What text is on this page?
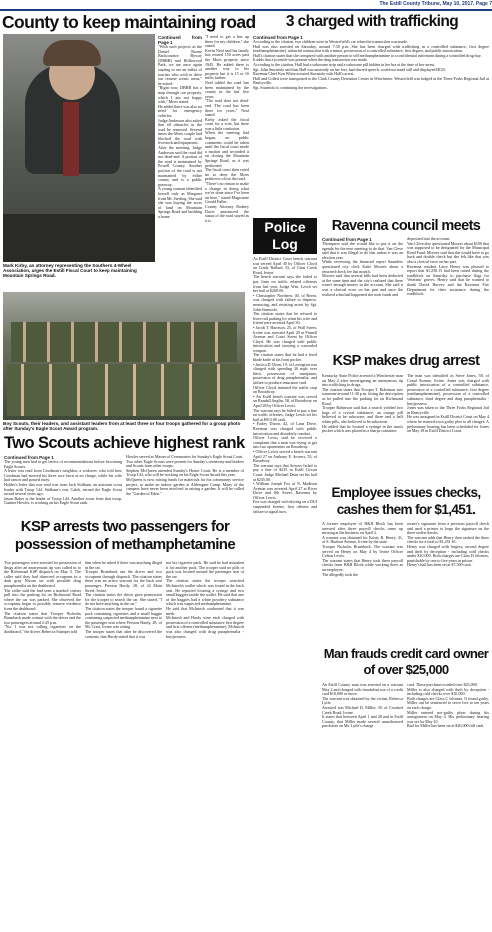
The Estill County Tribune, May 10, 2017, Page 7
County to keep maintaining road
Mark Kirby, an attorney representing the Southern 4-Wheel Association, urges the Estill Fiscal Court to keep maintaining Mountain Springs Road.
Continued from Page 1
"With such projects as the Daniel Boone Backcountry Byway (DBBB) and Hollowood Park, we are once again starting to see an influx of tourists who wish to drive our remote scenic areas," he stated.
"Right now, DBBB has a map through our property, which I am not happy with," Moes stated.
He added there was also no need for emergency vehicles.
Judge Anderson also asked that all obstacles in the road be removed. Several times the Moes couple had blocked the road with livestock and equipment.
After the meeting, Judge Anderson said the road did not dead-end. A portion of the road is maintained by Powell County. Another portion of the road is not maintained by either county and is a public passway.
A young woman identified herself only as Margaret from Mt. Sterling. She said she was buying the acres of land on Mountain Springs Road and building a home.
"I need to get a bus up there for my children," she stated.
Kevin Neal said his family has owned 150 acres past the Moes property since 1945. He added there is another way to his property but it is 15 or 16 miles farther.
Neal added the road has been maintained by the county in the last five years.
"The road does not dead-end. The road has been there for years," Neal stated.
Kirby asked the fiscal court for a vote, but there was a little confusion.
When the meeting had begun, no public comments could be taken until the fiscal court made a motion and seconded it on closing the Mountain Springs Road, as it was petitioned.
The fiscal court then voted no to deny the Moes petition to close the road.
"There's no reason to make a change in doing what we've done since I've been on here," stated Magistrate Gerald Fuller.
County Attorney Rodney Davis announced the status of the road stayed as it is.
Boy Scouts, their leaders, and assistant leaders from at least three or four troops gathered for a group photo after Sunday's Eagle Scout Award program.
Two Scouts achieve highest rank
Continued from Page 1
The young men had to get letters of recommendations before becoming Eagle Scouts.
A letter was read from Goodman's neighbor, a widower, who told how Goodman had mowed his three acre lawn at no charge, while his wife had cancer and passed away.
Holder's letter that was read was from Jack Stidham, an assistant scout leader with Troop 144. Stidham's son, Caleb, earned the Eagle Scout award several years ago.
Jason Baber is the leader of Troop 144. Another scout from that troop, Gunner Howler, is working on his Eagle Scout rank.
Howler served as Master of Ceremonies for Sunday's Eagle Scout Court.
Two other Eagle Scouts were present for Sunday's ceremony and leaders and Scouts from other troops.
Stephen McQueen attended Sunday's Honor Court. He is a member of Troop 144, who will be working on his Eagle Scout Award this year.
McQueen is now raising funds for materials for his community service project, to make an indoor garden at Aldersgate Camp. Many of the campers have never been involved in raising a garden. It will be called the "Garden of Eden."
KSP arrests two passengers for possession of methamphetamine
Two passengers were arrested for possession of drugs after an anonymous tip was called in to the Richmond KSP dispatch on May 3. The caller said they had observed occupants in a dark gray Nissan car with possible drug paraphernalia on the dashboard.
The caller said the had seen a marked cruiser pull into the parking lot on Richmond Road where the car was parked. She observed the occupants begin to possibly remove evidence from the dashboard.
The citation states that Trooper Nicholas Brumback made contact with the driver and the two passengers around 2:45 p.m.
"No, I was not rolling cigarettes on the dashboard," the driver, Rebecca Stamper told
him when he asked if there was anything illegal in the car.
Trooper Brumback ran the driver and two occupants through dispatch. The citation states there was an active warrant for the back seat passenger, Preston Hardy, 28, of 42 Main Street, Irvine.
The citation states the driver gave permission for the trooper to search the car. She stated, "I do not have anything in the car."
The citation states the trooper found a cigarette pack containing cigarettes and a small baggie containing suspected methamphetamine next to the passenger seat where Preston Hardy, 28, of Mt. Crest, Irvine was sitting.
The trooper states that after he discovered the contents, that Hardy stated that it was
not his cigarette pack. He said he had mistaken it for another pack. The trooper said no pills or pack was located around the passenger seat of the car.
The citation states the trooper searched McIntosh's wallet which was found in the back seat. He reported locating a syringe and two small baggies inside the wallet. He said that one of the baggies had a white powdery substance which was suspected methamphetamine.
He said that McIntosh confirmed that it was meth.
McIntosh and Hardy were each charged with possession of a controlled substance first degree and first offense (methamphetamine). McIntosh was also charged with drug paraphernalia - buy/possess.
3 charged with trafficking
Continued from Page 1
According to the citation, two children were in Westerfield's car when the transaction was made.
Hall was also arrested on Saturday, around 7:30 p.m. She has been charged with trafficking in a controlled substance, first degree (methamphetamine), unlawful transaction with a minor, possession of a controlled substance, first degree, and public intoxication.
Hall's citation states that she conspired with another person to sell methamphetamine to a confidential informant during a controlled drug buy.
It adds that a juvenile was present when the drug transaction was made.
According to the citation, Hall had a suboxone strip and a suboxone pill hidden in her bra at the time of her arrest.
Sgt. John Sturniolo said that Hall was unsteady on her feet, had slurred speech, could not stand still and displayed HGN.
Ravenna Chief Ken White assisted Sturniolo with Hall's arrest.
Hall and Collett were transported to the Clark County Detention Center in Winchester. Westerfield was lodged in the Three Forks Regional Jail at Beattyville.
Sgt. Sturniolo is continuing the investigations.
Police Log
As Estill District Court bench warrant was served April 30 by Officer Cloyd on Cindy Ballard, 33, of Clear Creek Road, Irvine.
The bench warrant says she failed to pay fines on traffic related offenses from last year. Judge Wm. Lesch set her bail at $268.00.
• Christopher Northern, 40, of Berea, was charged with failure to disperse, menacing, and resisting arrest by Sgt. John Sturniolo.
The citation states that he refused to leave rail parking lot when his wife and friend were arrested April 30.
• Jacob T. Harrison, 25, of Wall Street, Irvine was arrested April 29 at Finnell Avenue and Court Street by Officer Cloyd. He was charged with public intoxication and carrying a concealed weapon.
The citation states that he had a fixed blade knife at his front pocket.
• Jessica D. Dean, 19, of Lexington was charged with speeding 20 mph over limit, possession of marijuana, possession of drug paraphernalia, and failure to produce insurance card.
Officer Cloyd initiated the traffic stop on Broadway.
• An Estill bench warrant was served on Randall Anglin, 58, of Broadway on April 28 by Officer Lewis.
The warrant says he failed to pay a fine on traffic offenses. Judge Lesch set his bail at $913.00 cash.
• Farley Dixon, 42, of Lana Drive, Ravenna was charged with public intoxication and disorderly conduct.
Officer Lewis said he received a complaint that a man was trying to get into two apartments on Broadway.
• Officer Lewis served a bench warrant April 27 on Anthony E. Sowers, 53, of Broadway.
The warrant says that Sowers failed to pay a fine of $235 in Estill Circuit Court. Judge Michael Dean set his bail at $235.00.
• William Joseph Fox of N. Madison Avenue was arrested April 27 at River Drive and 8th Street, Ravenna by Officer Lewis.
Fox was charged with driving on a DUI suspended license, first offense and failure to signal turn.
Ravenna council meets
Continued from Page 1
Thompson said she would like to put it on the agenda for the next meeting to do that. Van Cleve said that it was illegal to do that unless it was an election year.
While reviewing the financial report Saunders questioned city clerk Katie Moores about a returned check fee last month.
Moores said that several bills had been deducted at the same time and the city's realized that there wasn't enough money in the account. She said it was a clerical error on her part and once the realized what had happened she took funds and
deposited into the account.
Van Cleve also questioned Moores about $100 that was supposed to be designated for the Municipal Road Fund. Moores said that she would have to go back and double check but she felt like that was also a clerical error on her part.
Ravenna resident Larry Henry was pleased to report that $1,258.15 had been raised during the roadblock on Saturday to purchase flags for Veterans' graves. Henry said that he wanted to thank David Harvey and the Ravenna Fire Department for their assistance during the roadblock.
KSP makes drug arrest
Kentucky State Police arrested a Winchester man on May 2 after investigating an anonymous tip into trafficking in drugs.
The citation states that Trooper T. Robinson saw someone around 11:30 p.m. fitting the description as he pulled into the parking lot on Richmond Road.
Trooper Robinson said that a search yielded two bags of a crystal substance, an orange pill believed to be suboxone, and three and a half white pills, also believed to be suboxone.
He added that he located a syringe in the man's pocket which was placed in a sharps container.
The man was identified as Steve Jones, 58, of Conal Avenue, Irvine. Jones was charged with public intoxication of a controlled substance, possession of a controlled substance, first degree (methamphetamine), possession of a controlled substance, third degree and drug paraphernalia - buy/possess.
Jones was taken to the Three Forks Regional Jail in Beattyville.
He was arraigned in Estill District Court on May 4 where he entered a not guilty plea to all charges. A preliminary hearing has been scheduled for Jones on May 18 in Estill District Court.
Employee issues checks, cashes them for $1,451.
A former employee of H&R Block has been arrested after three payroll checks came up missing at the business on April 2.
A warrant was obtained for Kristy R. Henry, 41, of S. Hudson Avenue, Irvine by the state.
Trooper Nicholas Brumback. The warrant was served on Henry on May 4 by Irvine Officer Colton Lewis.
The warrant states that Henry took three payroll checks from H&R Block while working there as an employee.
The allegedly took the
owner's signature from a previous payroll check and used a printer to forge the signature on the three stolen checks.
The warrant adds that Henry then cashed the three checks for a total of $1,451.61.
Henry was charged with forgery, second degree and theft by deception - including cold checks under $10,000. Both charges are Class D felonies, punishable by one to five years in prison.
Henry's bail has been set at $7,500 cash.
Man frauds credit card owner of over $25,000
An Estill County man was arrested on a warrant May 2 and charged with fraudulent use of a credit card $10,000 or more.
The warrant was obtained by the victim, Rebecca Lytle.
Arrested was Michael D. Miller, 39, of Crooked Creek Road, Irvine.
It states that between April 1 and 28 and in Estill County, that Miller made several unauthorized purchases on Ms. Lytle's charge
card. These purchases totaled over $25,000.
Miller is also charged with theft by deception - including cold checks over $10,000.
Both charges are Class C felonies. If found guilty, Miller can be sentenced to serve five to ten years on each charge.
Miller entered not-guilty pleas during his arraignment on May 4. His preliminary hearing was set for May 10.
Bail for Miller has been set at $20,000 full cash.
